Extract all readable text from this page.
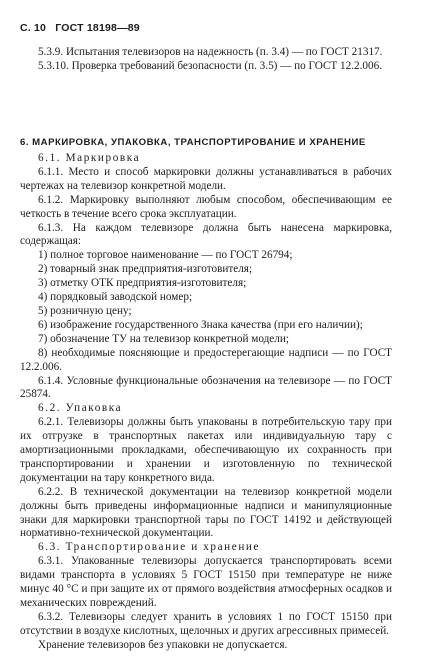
С. 10 ГОСТ 18198—89

5.3.9. Испытания телевизоров на надежность (п. 3.4) — по ГОСТ 21317.

5.3.10. Проверка требований безопасности (п. 3.5) — по ГОСТ 12.2.006.

6. МАРКИРОВКА, УПАКОВКА, ТРАНСПОРТИРОВАНИЕ И ХРАНЕНИЕ

6.1. Маркировка

6.1.1. Место и способ маркировки должны устанавливаться в рабочих чертежах на телевизор конкретной модели.

6.1.2. Маркировку выполняют любым способом, обеспечивающим ее четкость в течение всего срока эксплуатации.

6.1.3. На каждом телевизоре должна быть нанесена маркировка, содержащая:

1) полное торговое наименование — по ГОСТ 26794;

2) товарный знак предприятия-изготовителя;

3) отметку ОТК предприятия-изготовителя;

4) порядковый заводской номер;

5) розничную цену;

6) изображение государственного Знака качества (при его наличии);

7) обозначение ТУ на телевизор конкретной модели;

8) необходимые поясняющие и предостерегающие надписи — по ГОСТ 12.2.006.

6.1.4. Условные функциональные обозначения на телевизоре — по ГОСТ 25874.

6.2. Упаковка

6.2.1. Телевизоры должны быть упакованы в потребительскую тару при их отгрузке в транспортных пакетах или индивидуальную тару с амортизационными прокладками, обеспечивающую их сохранность при транспортировании и хранении и изготовленную по технической документации на тару конкретного вида.

6.2.2. В технической документации на телевизор конкретной модели должны быть приведены информационные надписи и манипуляционные знаки для маркировки транспортной тары по ГОСТ 14192 и действующей нормативно-технической документации.

6.3. Транспортирование и хранение

6.3.1. Упакованные телевизоры допускается транспортировать всеми видами транспорта в условиях 5 ГОСТ 15150 при температуре не ниже минус 40 °С и при защите их от прямого воздействия атмосферных осадков и механических повреждений.

6.3.2. Телевизоры следует хранить в условиях 1 по ГОСТ 15150 при отсутствии в воздухе кислотных, щелочных и других агрессивных примесей.

Хранение телевизоров без упаковки не допускается.
